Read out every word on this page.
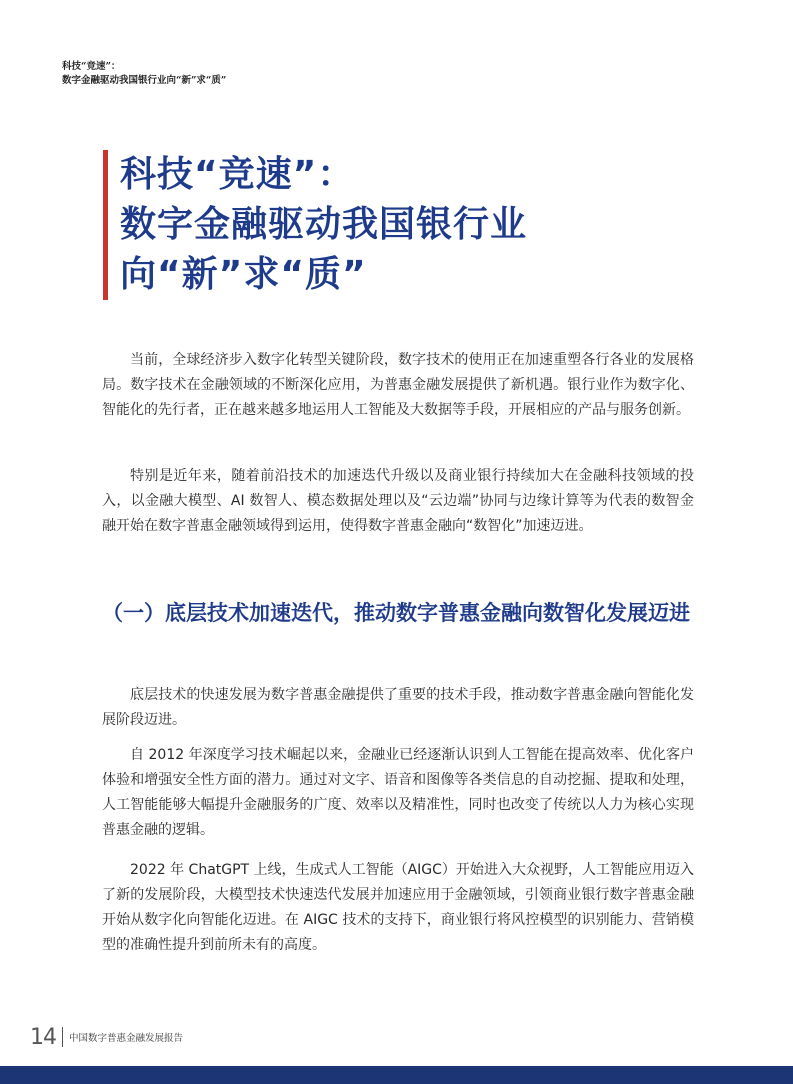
科技“竞速”：
数字金融驱动我国银行业向“新”求“质”
科技“竞速”：
数字金融驱动我国银行业
向“新”求“质”

当前，全球经济步入数字化转型关键阶段，数字技术的使用正在加速重塑各行各业的发展格局。数字技术在金融领域的不断深化应用，为普惠金融发展提供了新机遇。银行业作为数字化、智能化的先行者，正在越来越多地运用人工智能及大数据等手段，开展相应的产品与服务创新。

特别是近年来，随着前沿技术的加速迭代升级以及商业银行持续加大在金融科技领域的投入，以金融大模型、AI 数智人、模态数据处理以及“云边端”协同与边缘计算等为代表的数智金融开始在数字普惠金融领域得到运用，使得数字普惠金融向“数智化”加速迈进。

（一）底层技术加速迭代，推动数字普惠金融向数智化发展迈进

底层技术的快速发展为数字普惠金融提供了重要的技术手段，推动数字普惠金融向智能化发展阶段迈进。

自 2012 年深度学习技术崛起以来，金融业已经逐渐认识到人工智能在提高效率、优化客户体验和增强安全性方面的潜力。通过对文字、语音和图像等各类信息的自动挖掘、提取和处理，人工智能能够大幅提升金融服务的广度、效率以及精准性，同时也改变了传统以人力为核心实现普惠金融的逻辑。

2022 年 ChatGPT 上线，生成式人工智能（AIGC）开始进入大众视野，人工智能应用迈入了新的发展阶段，大模型技术快速迭代发展并加速应用于金融领域，引领商业银行数字普惠金融开始从数字化向智能化迈进。在 AIGC 技术的支持下，商业银行将风控模型的识别能力、营销模型的准确性提升到前所未有的高度。

14 中国数字普惠金融发展报告
